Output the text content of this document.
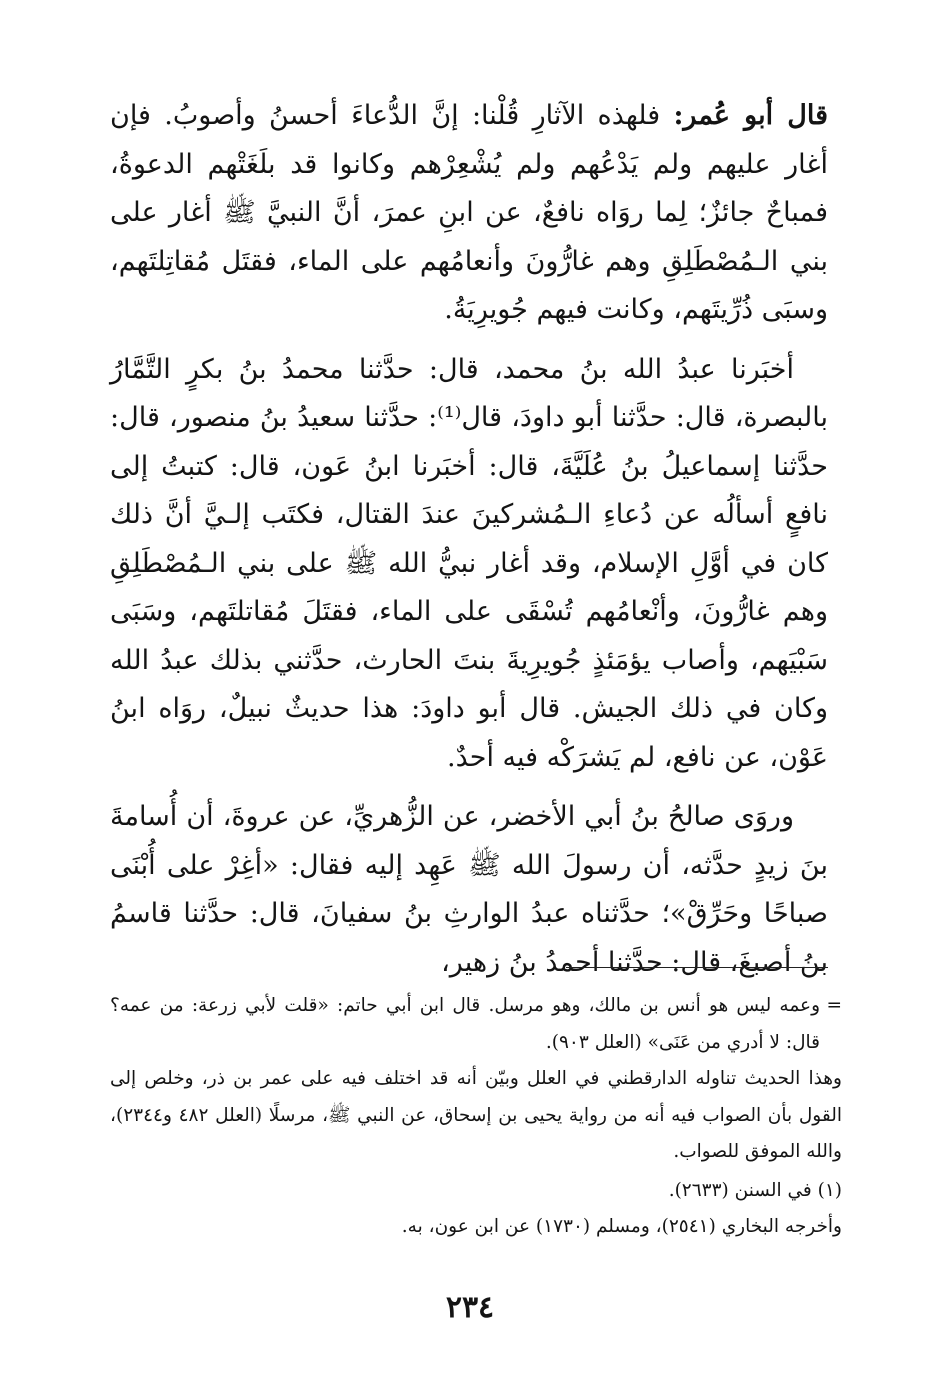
قال أبو عُمر: فلهذه الآثارِ قُلْنا: إنَّ الدُّعاءَ أحسنُ وأصوبُ. فإن أغار عليهم ولم يَدْعُهم ولم يُشْعِرْهم وكانوا قد بلَغَتْهم الدعوةُ، فمباحٌ جائزٌ؛ لِما روَاه نافعٌ، عن ابنِ عمرَ، أنَّ النبيَّ ﷺ أغار على بني الـمُصْطَلِقِ وهم غارُّونَ وأنعامُهم على الماء، فقتَل مُقاتِلتَهم، وسبَى ذُرِّيتَهم، وكانت فيهم جُويرِيَةُ.

أخبَرنا عبدُ الله بنُ محمد، قال: حدَّثنا محمدُ بنُ بكرٍ التَّمَّارُ بالبصرة، قال: حدَّثنا أبو داودَ، قال⁽¹⁾: حدَّثنا سعيدُ بنُ منصور، قال: حدَّثنا إسماعيلُ بنُ عُلَيَّةَ، قال: أخبَرنا ابنُ عَون، قال: كتبتُ إلى نافعٍ أسألُه عن دُعاءِ الـمُشركينَ عندَ القتال، فكتَب إلـيَّ أنَّ ذلك كان في أوَّلِ الإسلام، وقد أغار نبيُّ الله ﷺ على بني الـمُصْطَلِقِ وهم غارُّونَ، وأنْعامُهم تُسْقَى على الماء، فقتَلَ مُقاتلتَهم، وسَبَى سَبْيَهم، وأصاب يؤمَئذٍ جُويرِيةَ بنتَ الحارث، حدَّثني بذلك عبدُ الله وكان في ذلك الجيش. قال أبو داودَ: هذا حديثٌ نبيلٌ، روَاه ابنُ عَوْن، عن نافع، لم يَشرَكْه فيه أحدٌ.

وروَى صالحُ بنُ أبي الأخضر، عن الزُّهريِّ، عن عروةَ، أن أُسامةَ بنَ زيدٍ حدَّثه، أن رسولَ الله ﷺ عَهِد إليه فقال: «أغِرْ على أُبْنَى صباحًا وحَرِّقْ»؛ حدَّثناه عبدُ الوارثِ بنُ سفيانَ، قال: حدَّثنا قاسمُ بنُ أصبغَ، قال: حدَّثنا أحمدُ بنُ زهير،

=
وعمه ليس هو أنس بن مالك، وهو مرسل. قال ابن أبي حاتم: «قلت لأبي زرعة: من عمه؟ قال: لا أدري من عَنَى» (العلل ٩٠٣).

وهذا الحديث تناوله الدارقطني في العلل وبيّن أنه قد اختلف فيه على عمر بن ذر، وخلص إلى القول بأن الصواب فيه أنه من رواية يحيى بن إسحاق، عن النبي ﷺ، مرسلًا (العلل ٤٨٢ و٢٣٤٤)، والله الموفق للصواب.

(١) في السنن (٢٦٣٣).

وأخرجه البخاري (٢٥٤١)، ومسلم (١٧٣٠) عن ابن عون، به.

٢٣٤
